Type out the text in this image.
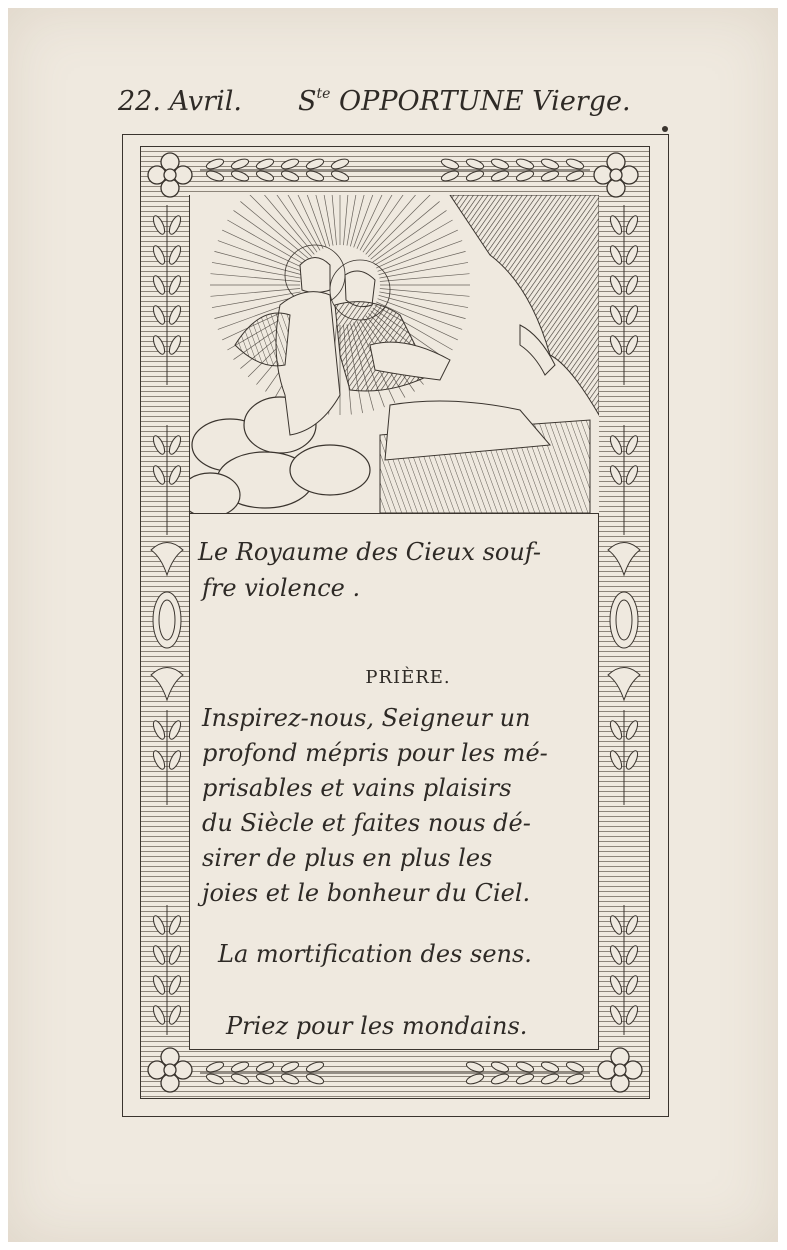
22. Avril. $S^{te}$ OPPORTUNE Vierge.
Le Royaume des Cieux souf-
fre violence .
PRIÈRE.
Inspirez-nous, Seigneur un
profond mépris pour les mé-
prisables et vains plaisirs
du Siècle et faites nous dé-
sirer de plus en plus les
joies et le bonheur du Ciel.
La mortification des sens.
Priez pour les mondains.
